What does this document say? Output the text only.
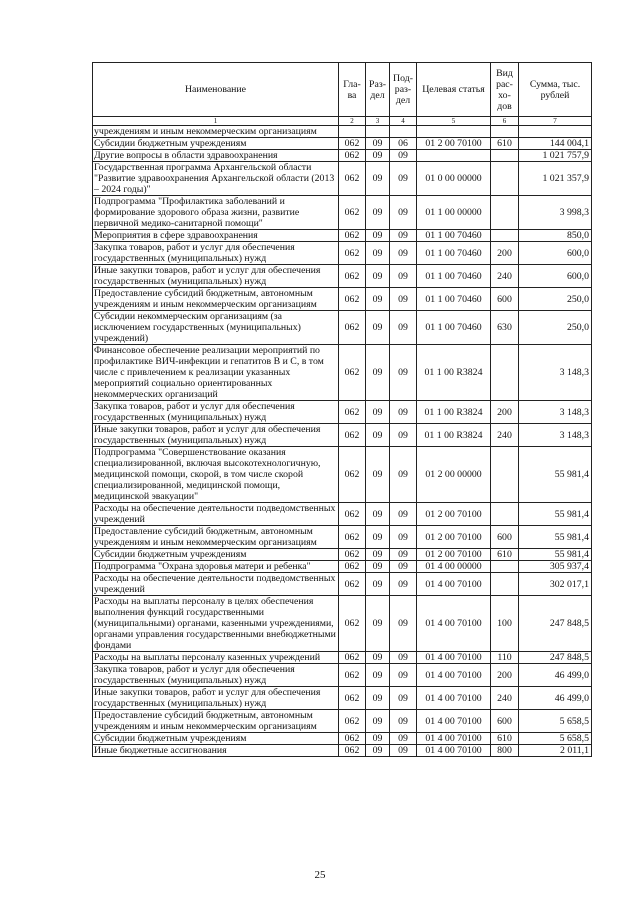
Наименование	Гла-ва	Раз-дел	Под-раз-дел	Целевая статья	Вид рас-хо-дов	Сумма, тыс. рублей
1	2	3	4	5	6	7
учреждениям и иным некоммерческим организациям						
Субсидии бюджетным учреждениям	062	09	06	01 2 00 70100	610	144 004,1
Другие вопросы в области здравоохранения	062	09	09			1 021 757,9
Государственная программа Архангельской области "Развитие здравоохранения Архангельской области (2013 – 2024 годы)"	062	09	09	01 0 00 00000		1 021 357,9
Подпрограмма "Профилактика заболеваний и формирование здорового образа жизни, развитие первичной медико-санитарной помощи"	062	09	09	01 1 00 00000		3 998,3
Мероприятия в сфере здравоохранения	062	09	09	01 1 00 70460		850,0
Закупка товаров, работ и услуг для обеспечения государственных (муниципальных) нужд	062	09	09	01 1 00 70460	200	600,0
Иные закупки товаров, работ и услуг для обеспечения государственных (муниципальных) нужд	062	09	09	01 1 00 70460	240	600,0
Предоставление субсидий бюджетным, автономным учреждениям и иным некоммерческим организациям	062	09	09	01 1 00 70460	600	250,0
Субсидии некоммерческим организациям (за исключением государственных (муниципальных) учреждений)	062	09	09	01 1 00 70460	630	250,0
Финансовое обеспечение реализации мероприятий по профилактике ВИЧ-инфекции и гепатитов B и C, в том числе с привлечением к реализации указанных мероприятий социально ориентированных некоммерческих организаций	062	09	09	01 1 00 R3824		3 148,3
Закупка товаров, работ и услуг для обеспечения государственных (муниципальных) нужд	062	09	09	01 1 00 R3824	200	3 148,3
Иные закупки товаров, работ и услуг для обеспечения государственных (муниципальных) нужд	062	09	09	01 1 00 R3824	240	3 148,3
Подпрограмма "Совершенствование оказания специализированной, включая высокотехнологичную, медицинской помощи, скорой, в том числе скорой специализированной, медицинской помощи, медицинской эвакуации"	062	09	09	01 2 00 00000		55 981,4
Расходы на обеспечение деятельности подведомственных учреждений	062	09	09	01 2 00 70100		55 981,4
Предоставление субсидий бюджетным, автономным учреждениям и иным некоммерческим организациям	062	09	09	01 2 00 70100	600	55 981,4
Субсидии бюджетным учреждениям	062	09	09	01 2 00 70100	610	55 981,4
Подпрограмма "Охрана здоровья матери и ребенка"	062	09	09	01 4 00 00000		305 937,4
Расходы на обеспечение деятельности подведомственных учреждений	062	09	09	01 4 00 70100		302 017,1
Расходы на выплаты персоналу в целях обеспечения выполнения функций государственными (муниципальными) органами, казенными учреждениями, органами управления государственными внебюджетными фондами	062	09	09	01 4 00 70100	100	247 848,5
Расходы на выплаты персоналу казенных учреждений	062	09	09	01 4 00 70100	110	247 848,5
Закупка товаров, работ и услуг для обеспечения государственных (муниципальных) нужд	062	09	09	01 4 00 70100	200	46 499,0
Иные закупки товаров, работ и услуг для обеспечения государственных (муниципальных) нужд	062	09	09	01 4 00 70100	240	46 499,0
Предоставление субсидий бюджетным, автономным учреждениям и иным некоммерческим организациям	062	09	09	01 4 00 70100	600	5 658,5
Субсидии бюджетным учреждениям	062	09	09	01 4 00 70100	610	5 658,5
Иные бюджетные ассигнования	062	09	09	01 4 00 70100	800	2 011,1
25
